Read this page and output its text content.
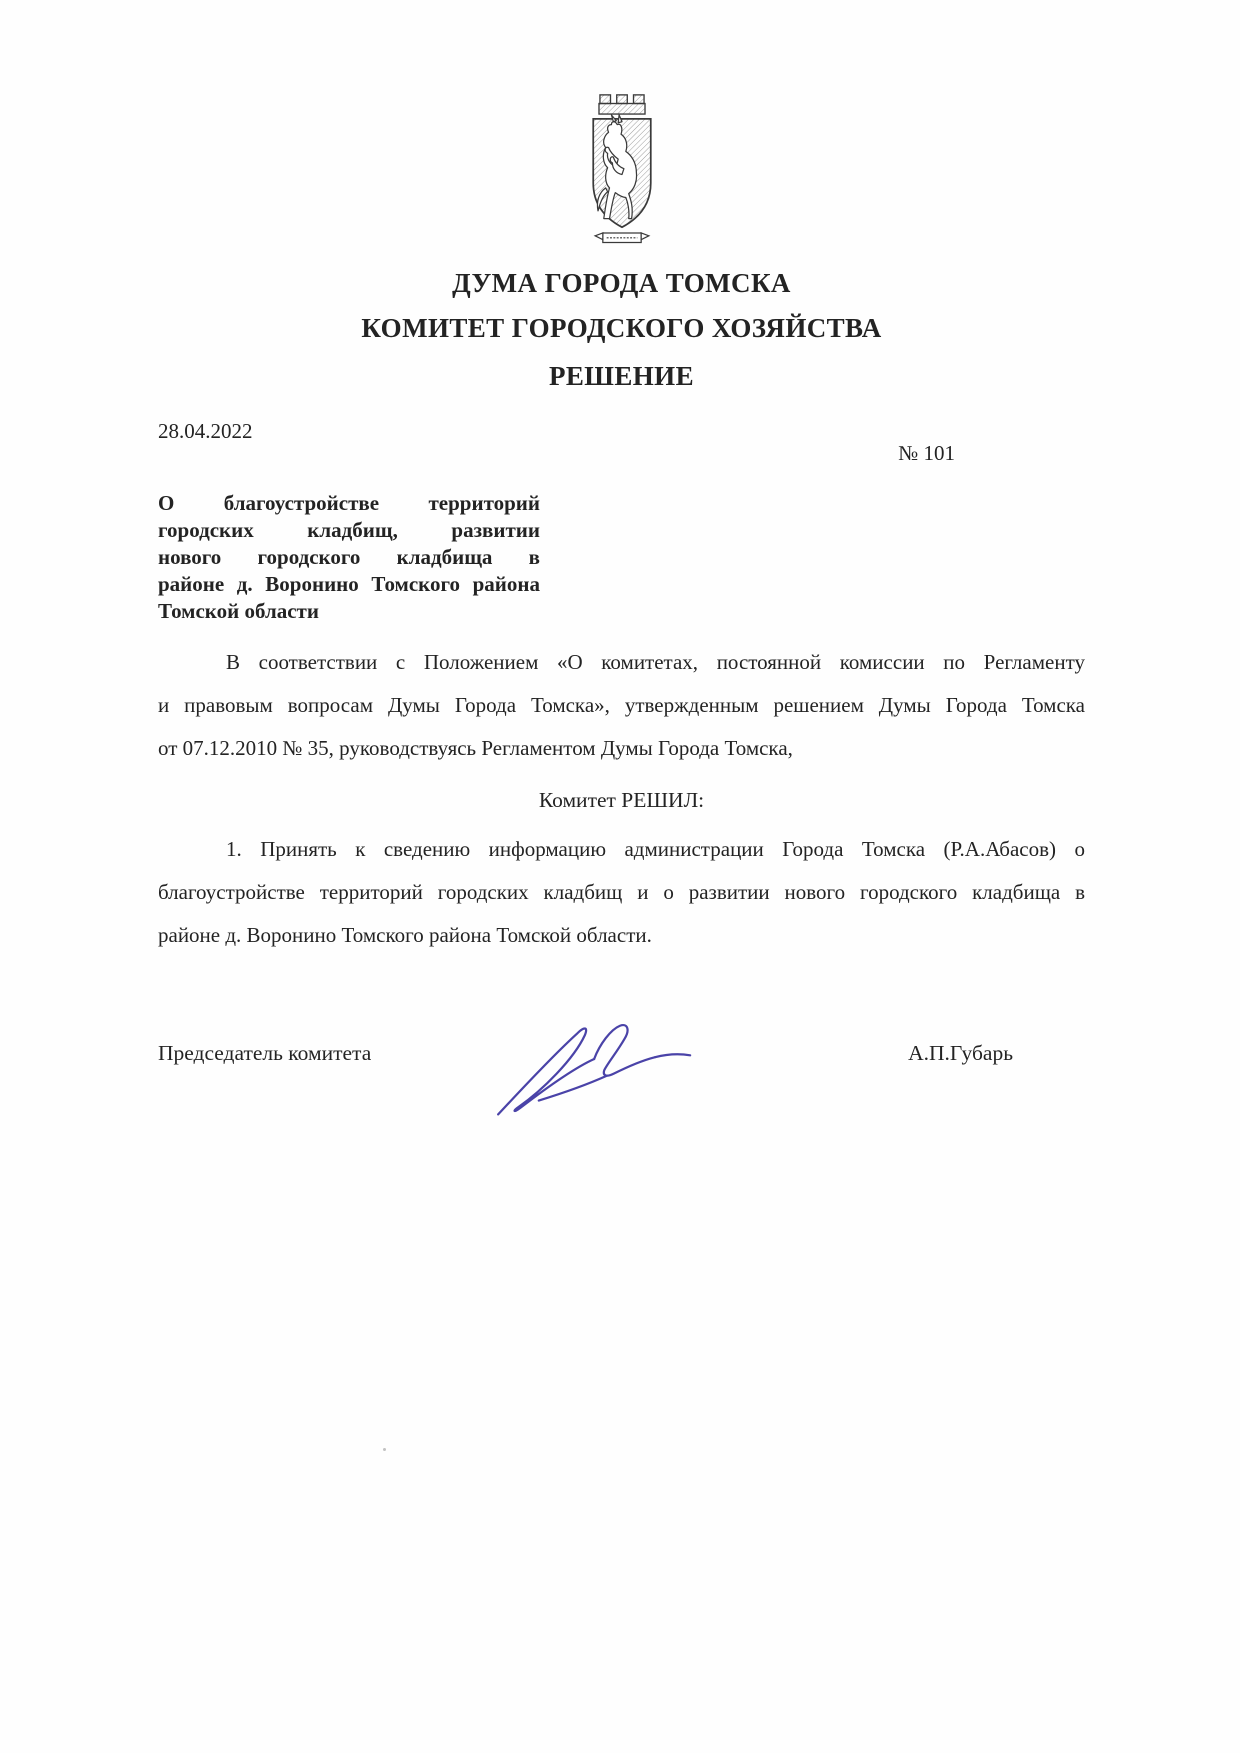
ДУМА ГОРОДА ТОМСКА
КОМИТЕТ ГОРОДСКОГО ХОЗЯЙСТВА
РЕШЕНИЕ
28.04.2022
№ 101
О благоустройстве территорий
городских кладбищ, развитии
нового городского кладбища в
районе д. Воронино Томского района
Томской области
В соответствии с Положением «О комитетах, постоянной комиссии по Регламенту
и правовым вопросам Думы Города Томска», утвержденным решением Думы Города Томска
от 07.12.2010 № 35, руководствуясь Регламентом Думы Города Томска,
Комитет РЕШИЛ:
1. Принять к сведению информацию администрации Города Томска (Р.А.Абасов) о
благоустройстве территорий городских кладбищ и о развитии нового городского кладбища в
районе д. Воронино Томского района Томской области.
Председатель комитета	А.П.Губарь
